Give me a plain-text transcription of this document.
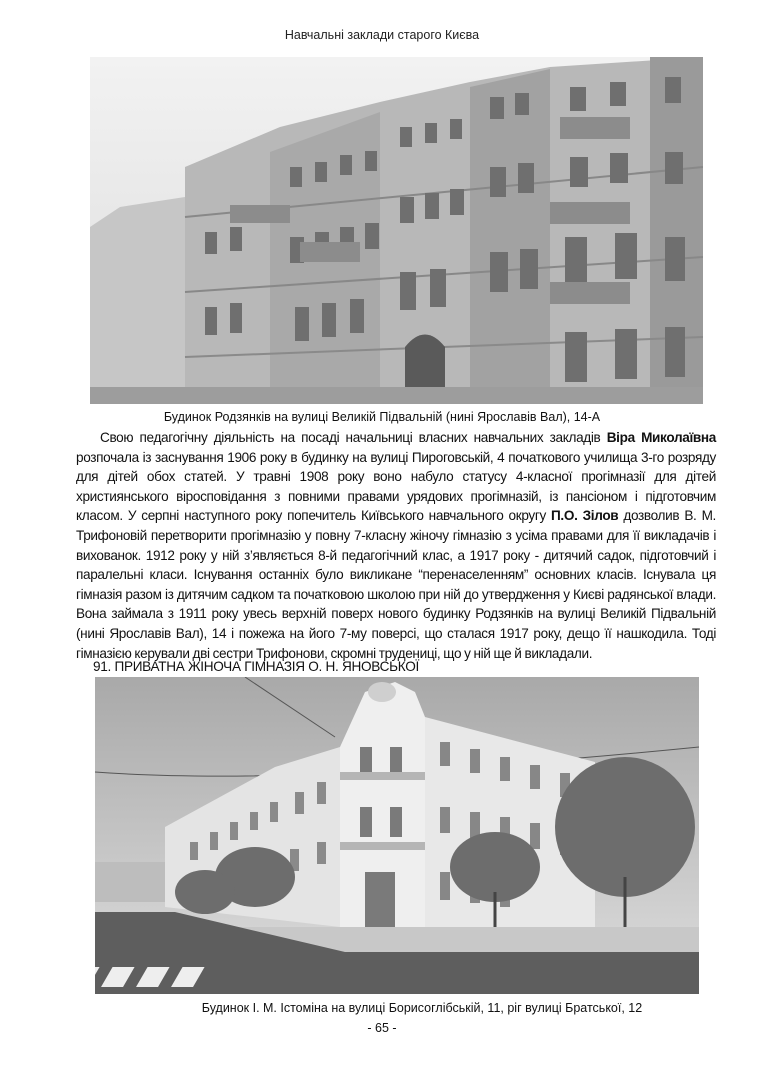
Навчальні заклади старого Києва
Будинок Родзянків на вулиці Великій Підвальній (нині Ярославів Вал), 14-А

Свою педагогічну діяльність на посаді начальниці власних навчальних закладів Віра Миколаївна розпочала із заснування 1906 року в будинку на вулиці Пироговській, 4 початкового училища 3-го розряду для дітей обох статей. У травні 1908 року воно набуло статусу 4-класної прогімназії для дітей християнського віросповідання з повними правами урядових прогімназій, із пансіоном і підготовчим класом. У серпні наступного року попечитель Київського навчального округу П.О. Зілов дозволив В. М. Трифоновій перетворити прогімназію у повну 7-класну жіночу гімназію з усіма правами для її викладачів і вихованок. 1912 року у ній з’являється 8-й педагогічний клас, а 1917 року - дитячий садок, підготовчий і паралельні класи. Існування останніх було викликане “перенаселенням” основних класів. Існувала ця гімназія разом із дитячим садком та початковою школою при ній до утвердження у Києві радянської влади. Вона займала з 1911 року увесь верхній поверх нового будинку Родзянків на вулиці Великій Підвальній (нині Ярославів Вал), 14 і пожежа на його 7-му поверсі, що сталася 1917 року, дещо її нашкодила. Тоді гімназією керували дві сестри Трифонови, скромні трудениці, що у ній ще й викладали.

91. ПРИВАТНА ЖІНОЧА ГІМНАЗІЯ О. Н. ЯНОВСЬКОЇ
Будинок І. М. Істоміна на вулиці Борисоглібській, 11, ріг вулиці Братської, 12
- 65 -
